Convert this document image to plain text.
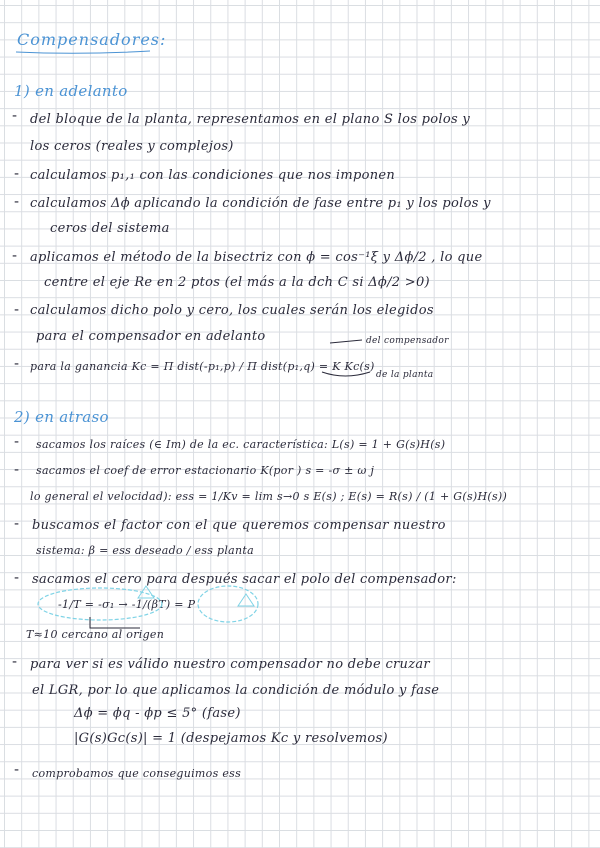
Compensadores:
1) en adelanto
- del bloque de la planta, representamos en el plano S los polos y
los ceros (reales y complejos)
- calculamos p₁,₁ con las condiciones que nos imponen
- calculamos Δϕ aplicando la condición de fase entre p₁ y los polos y
ceros del sistema
- aplicamos el método de la bisectriz con ϕ = cos⁻¹ξ y Δϕ/2 , lo que
centre el eje Re en 2 ptos (el más a la dch C si Δϕ/2 >0)
- calculamos dicho polo y cero, los cuales serán los elegidos
para el compensador en adelanto
- para la ganancia Kc = Π dist(-p₁,p) / Π dist(p₁,q) = K Kc(s)
del compensador
de la planta
2) en atraso
- sacamos los raíces (∈ Im) de la ec. característica: L(s) = 1 + G(s)H(s)
- sacamos el coef de error estacionario K(por ) s = -σ ± ω j
lo general el velocidad): ess = 1/Kv = lim s→0 s E(s) ; E(s) = R(s) / (1 + G(s)H(s))
- buscamos el factor con el que queremos compensar nuestro
sistema: β = ess deseado / ess planta
- sacamos el cero para después sacar el polo del compensador:
-1/T = -σ₁ → -1/(βT) = P
T≈10 cercano al origen
- para ver si es válido nuestro compensador no debe cruzar
el LGR, por lo que aplicamos la condición de módulo y fase
Δϕ = ϕq - ϕp ≤ 5° (fase)
|G(s)Gc(s)| = 1 (despejamos Kc y resolvemos)
- comprobamos que conseguimos ess
